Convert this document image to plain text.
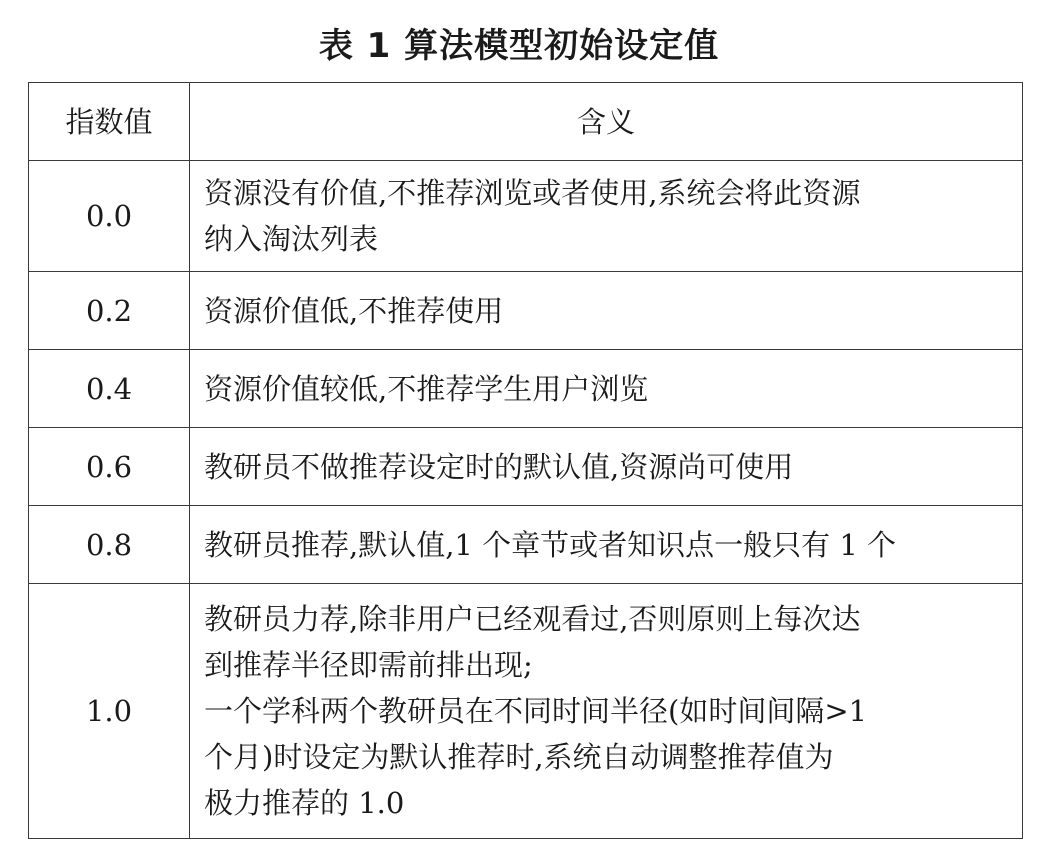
表 1 算法模型初始设定值
指数值	含义
0.0	资源没有价值,不推荐浏览或者使用,系统会将此资源
纳入淘汰列表

0.2	资源价值低,不推荐使用

0.4	资源价值较低,不推荐学生用户浏览

0.6	教研员不做推荐设定时的默认值,资源尚可使用

0.8	教研员推荐,默认值,1 个章节或者知识点一般只有 1 个

1.0	教研员力荐,除非用户已经观看过,否则原则上每次达
到推荐半径即需前排出现;
一个学科两个教研员在不同时间半径(如时间间隔>1
个月)时设定为默认推荐时,系统自动调整推荐值为
极力推荐的 1.0
